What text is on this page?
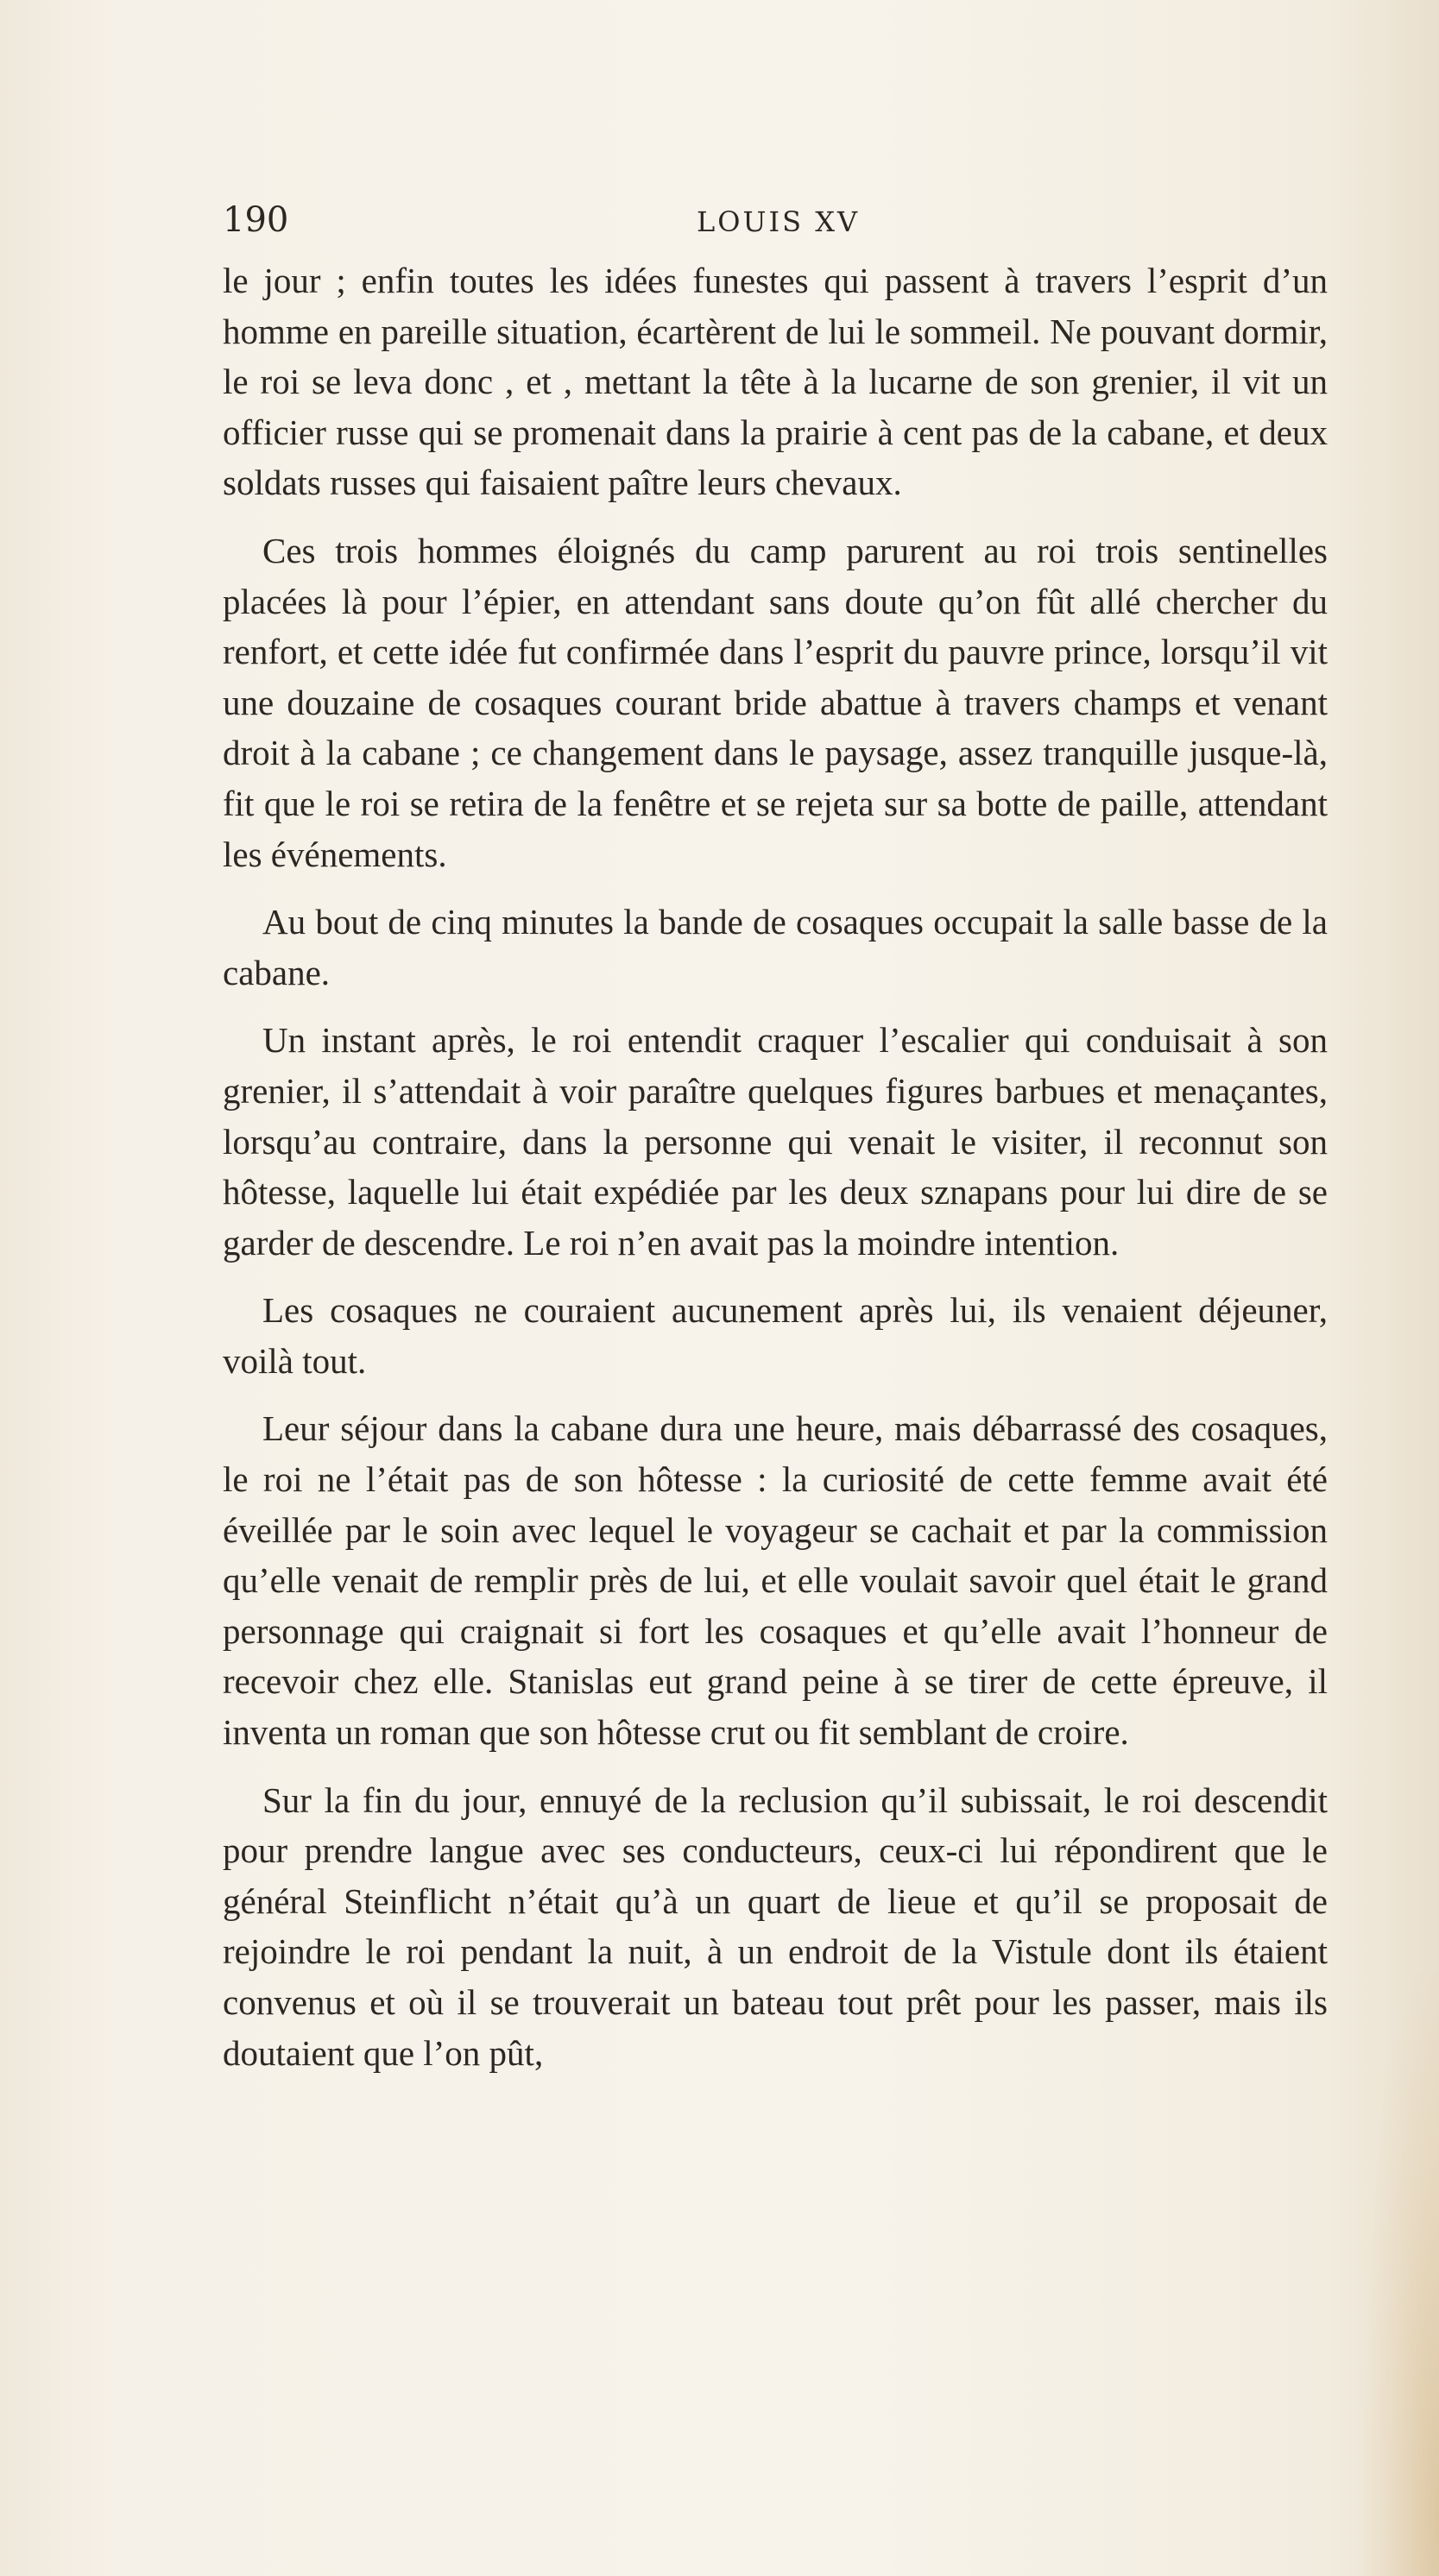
190	LOUIS XV

le jour ; enfin toutes les idées funestes qui passent à travers l’esprit d’un homme en pareille situation, écartèrent de lui le sommeil. Ne pouvant dormir, le roi se leva donc , et , mettant la tête à la lucarne de son grenier, il vit un officier russe qui se promenait dans la prairie à cent pas de la cabane, et deux soldats russes qui faisaient paître leurs chevaux.

Ces trois hommes éloignés du camp parurent au roi trois sentinelles placées là pour l’épier, en attendant sans doute qu’on fût allé chercher du renfort, et cette idée fut confirmée dans l’esprit du pauvre prince, lorsqu’il vit une douzaine de cosaques courant bride abattue à travers champs et venant droit à la cabane ; ce changement dans le paysage, assez tranquille jusque-là, fit que le roi se retira de la fenêtre et se rejeta sur sa botte de paille, attendant les événements.

Au bout de cinq minutes la bande de cosaques occupait la salle basse de la cabane.

Un instant après, le roi entendit craquer l’escalier qui conduisait à son grenier, il s’attendait à voir paraître quelques figures barbues et menaçantes, lorsqu’au contraire, dans la personne qui venait le visiter, il reconnut son hôtesse, laquelle lui était expédiée par les deux sznapans pour lui dire de se garder de descendre. Le roi n’en avait pas la moindre intention.

Les cosaques ne couraient aucunement après lui, ils venaient déjeuner, voilà tout.

Leur séjour dans la cabane dura une heure, mais débarrassé des cosaques, le roi ne l’était pas de son hôtesse : la curiosité de cette femme avait été éveillée par le soin avec lequel le voyageur se cachait et par la commission qu’elle venait de remplir près de lui, et elle voulait savoir quel était le grand personnage qui craignait si fort les cosaques et qu’elle avait l’honneur de recevoir chez elle. Stanislas eut grand peine à se tirer de cette épreuve, il inventa un roman que son hôtesse crut ou fit semblant de croire.

Sur la fin du jour, ennuyé de la reclusion qu’il subissait, le roi descendit pour prendre langue avec ses conducteurs, ceux-ci lui répondirent que le général Steinflicht n’était qu’à un quart de lieue et qu’il se proposait de rejoindre le roi pendant la nuit, à un endroit de la Vistule dont ils étaient convenus et où il se trouverait un bateau tout prêt pour les passer, mais ils doutaient que l’on pût,
